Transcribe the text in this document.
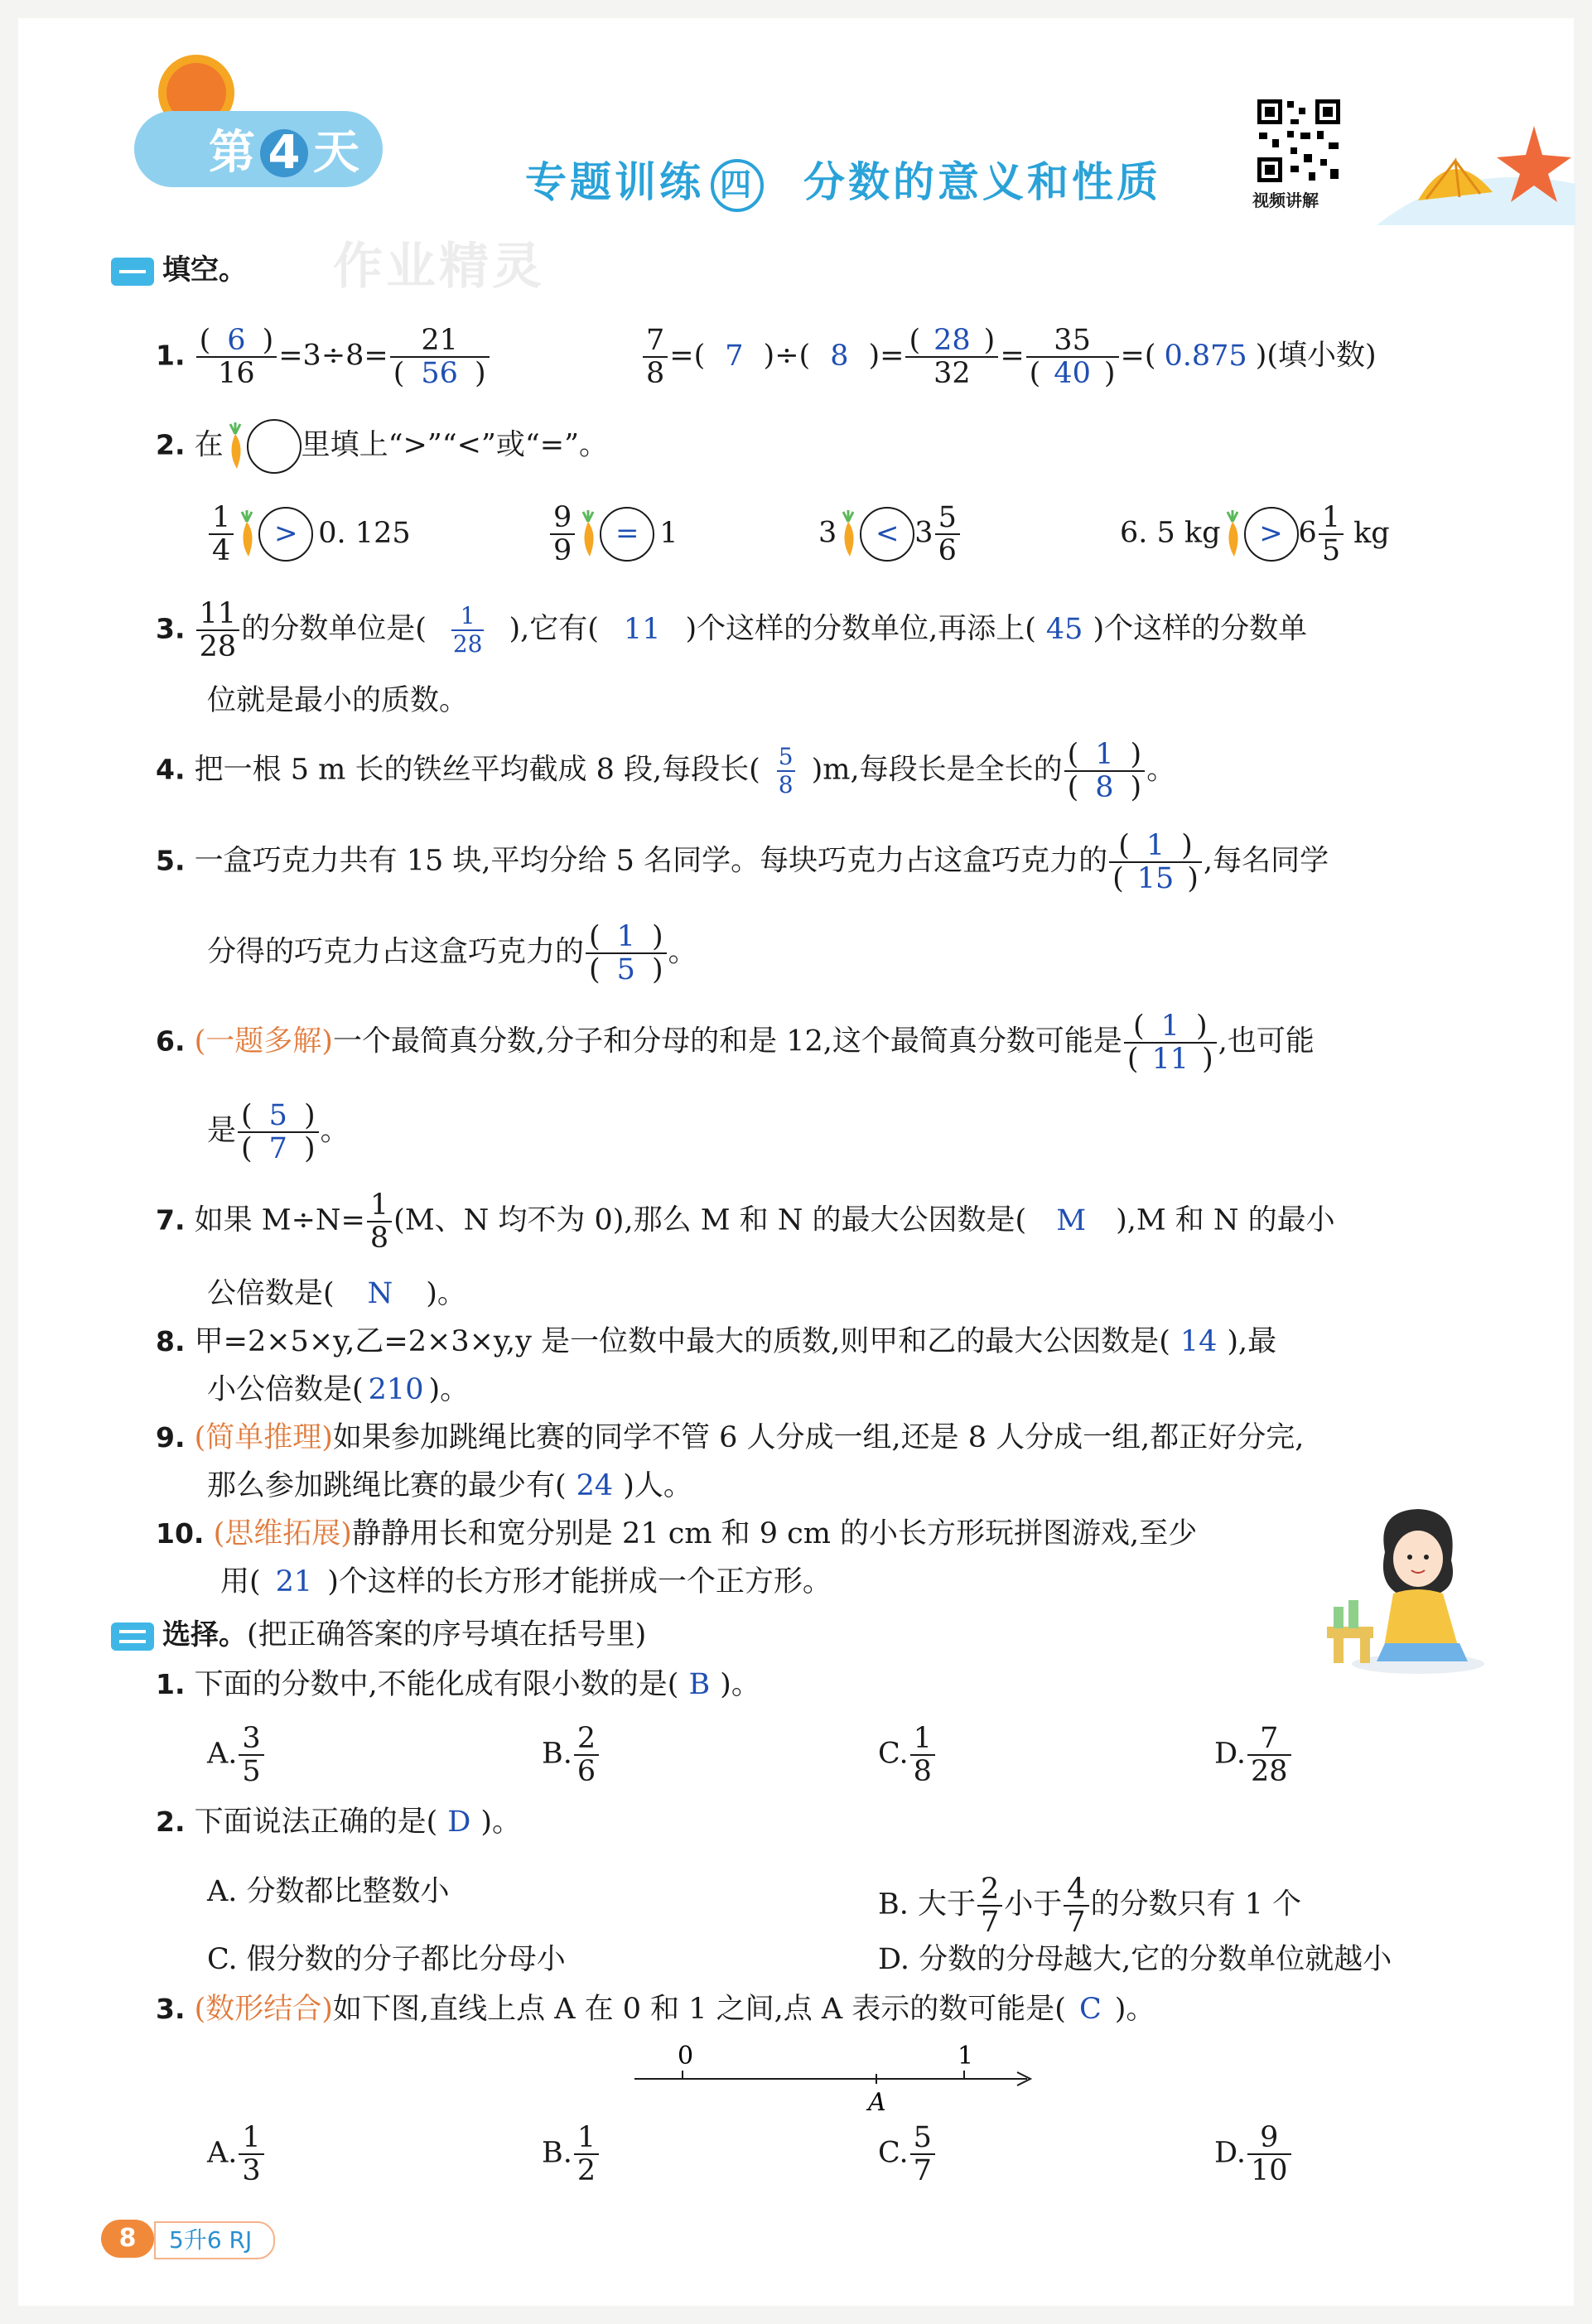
第 4 天
专题训练 四 分数的意义和性质	视频讲解
作业精灵
填空。
1. $\frac{( 6 )}{16} =3\div 8= \frac{21}{( 56 )}$	$\frac{7}{8}$ =( 7 )÷( 8 )= $\frac{( 28 )}{32} = \frac{35}{( 40 )}$ =( 0.875 )(填小数)
2. 在	里填上“>”“<”或“=”。
$\frac{1}{4} > 0$. 125	$\frac{9}{9} = 1$	$3 < 3 \frac{5}{6}$	6. 5 kg > $6 \frac{1}{5}$ kg
3. $\frac{11}{28}$ 的分数单位是( $\frac{1}{28}$ ),它有( 11 )个这样的分数单位,再添上( 45 )个这样的分数单
位就是最小的质数。
4. 把一根 5 m 长的铁丝平均截成 8 段,每段长( $\frac{5}{8} )m$,每段长是全长的 $\frac{( 1 )}{( 8 )}$ 。
5. 一盒巧克力共有 15 块,平均分给 5 名同学。每块巧克力占这盒巧克力的 $\frac{( 1 )}{( 15 )}$ ,每名同学
分得的巧克力占这盒巧克力的 $\frac{( 1 )}{( 5 )}$ 。
6. (一题多解)一个最简真分数,分子和分母的和是 12,这个最简真分数可能是 $\frac{( 1 )}{( 11 )}$ ,也可能
是 $\frac{( 5 )}{( 7 )}$ 。
7. 如果 $M\div N= \frac{1}{8} (M$、N 均不为 0),那么 M 和 N 的最大公因数是( M ),M 和 N 的最小
公倍数是( N )。
8. 甲=2×5×y,乙=2×3×y,y 是一位数中最大的质数,则甲和乙的最大公因数是( 14 ),最
小公倍数是( 210 )。
9. (简单推理)如果参加跳绳比赛的同学不管 6 人分成一组,还是 8 人分成一组,都正好分完,
那么参加跳绳比赛的最少有( 24 )人。
10. (思维拓展)静静用长和宽分别是 21 cm 和 9 cm 的小长方形玩拼图游戏,至少
用( 21 )个这样的长方形才能拼成一个正方形。
选择。(把正确答案的序号填在括号里)
1. 下面的分数中,不能化成有限小数的是( B )。
A. $\frac{3}{5}$	B. $\frac{2}{6}$	C. $\frac{1}{8}$	D. $\frac{7}{28}$
2. 下面说法正确的是( D )。
A. 分数都比整数小	B. 大于 $\frac{2}{7}$ 小于 $\frac{4}{7}$ 的分数只有 1 个
C. 假分数的分子都比分母小	D. 分数的分母越大,它的分数单位就越小
3. (数形结合)如下图,直线上点 A 在 0 和 1 之间,点 A 表示的数可能是( C )。
0	1
A
A. $\frac{1}{3}$	B. $\frac{1}{2}$	C. $\frac{5}{7}$	D. $\frac{9}{10}$
8	5升6 RJ
